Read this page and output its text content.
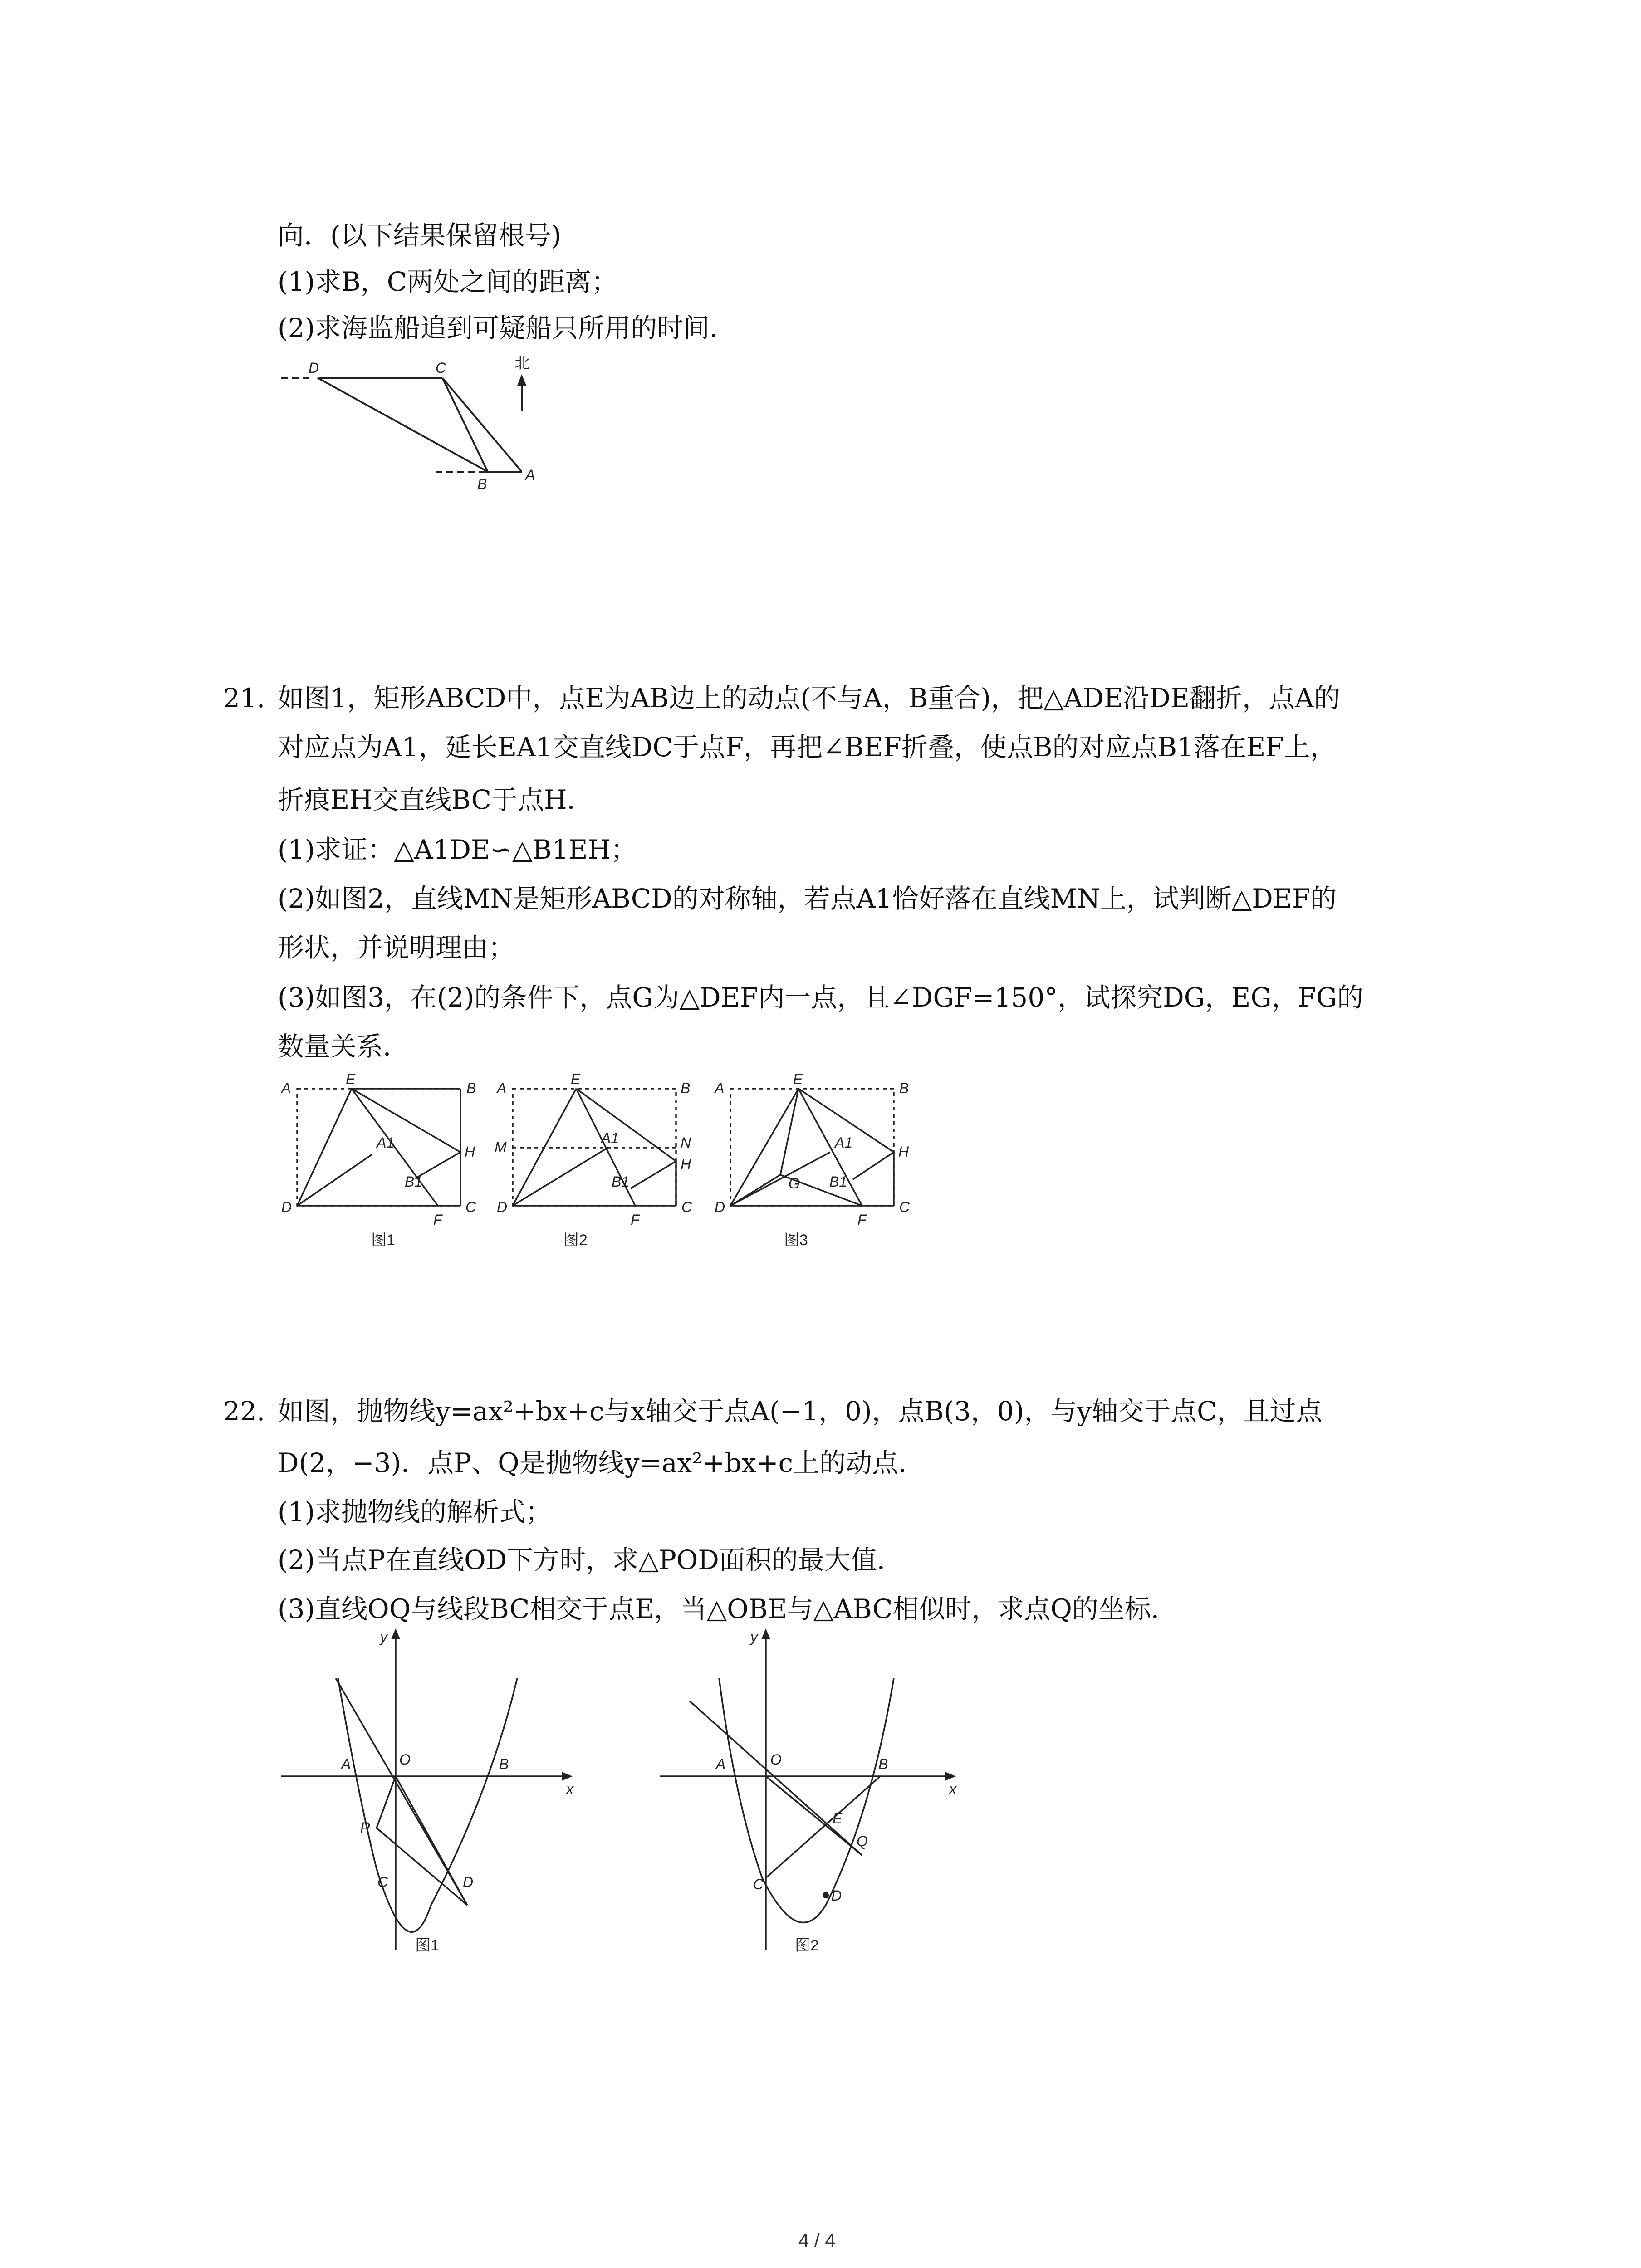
向．(以下结果保留根号)
(1)求B，C两处之间的距离；
(2)求海监船追到可疑船只所用的时间．
D	C
B
A
北
21. 如图1，矩形ABCD中，点E为AB边上的动点(不与A，B重合)，把△ADE沿DE翻折，点A的
对应点为A1，延长EA1交直线DC于点F，再把∠BEF折叠，使点B的对应点B1落在EF上，
折痕EH交直线BC于点H．
(1)求证：△A1DE∽△B1EH；
(2)如图2，直线MN是矩形ABCD的对称轴，若点A1恰好落在直线MN上，试判断△DEF的
形状，并说明理由；
(3)如图3，在(2)的条件下，点G为△DEF内一点，且∠DGF=150°，试探究DG，EG，FG的
数量关系．
A
E
B
H
D
F
C
A1
B1
图1
A
E
B
M	N
H
D
F
C
A1
B1
图2
A
E
B
H
D
F
C
G
A1
B1
图3
22. 如图，抛物线y=ax²+bx+c与x轴交于点A(−1，0)，点B(3，0)，与y轴交于点C，且过点
D(2，−3)．点P、Q是抛物线y=ax²+bx+c上的动点．
(1)求抛物线的解析式；
(2)当点P在直线OD下方时，求△POD面积的最大值．
(3)直线OQ与线段BC相交于点E，当△OBE与△ABC相似时，求点Q的坐标．
x
y
O
A	B
P
C	D
图1
x
y
O
A	B
E
Q
C
D
图2
4 / 4
